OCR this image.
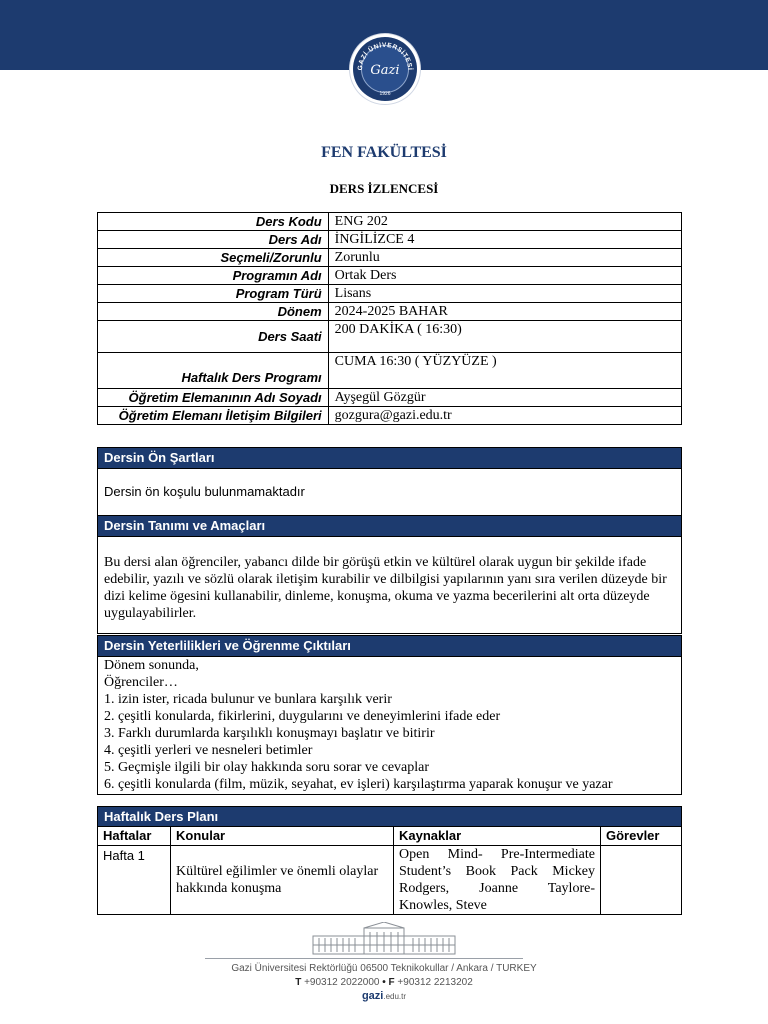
GAZİ ÜNİVERSİTESİ
Gazi
1926
FEN FAKÜLTESİ
DERS İZLENCESİ
Ders Kodu	ENG 202
Ders Adı	İNGİLİZCE 4
Seçmeli/Zorunlu	Zorunlu
Programın Adı	Ortak Ders
Program Türü	Lisans
Dönem	2024-2025 BAHAR
Ders Saati	200 DAKİKA ( 16:30)
Haftalık Ders Programı	CUMA 16:30 ( YÜZYÜZE )
Öğretim Elemanının Adı Soyadı	Ayşegül Gözgür
Öğretim Elemanı İletişim Bilgileri	gozgura@gazi.edu.tr
Dersin Ön Şartları
Dersin ön koşulu bulunmamaktadır
Dersin Tanımı ve Amaçları
Bu dersi alan öğrenciler, yabancı dilde bir görüşü etkin ve kültürel olarak uygun bir şekilde ifade edebilir, yazılı ve sözlü olarak iletişim kurabilir ve dilbilgisi yapılarının yanı sıra verilen düzeyde bir dizi kelime ögesini kullanabilir, dinleme, konuşma, okuma ve yazma becerilerini alt orta düzeyde uygulayabilirler.
Dersin Yeterlilikleri ve Öğrenme Çıktıları
Dönem sonunda,
Öğrenciler…
1. izin ister, ricada bulunur ve bunlara karşılık verir
2. çeşitli konularda, fikirlerini, duygularını ve deneyimlerini ifade eder
3. Farklı durumlarda karşılıklı konuşmayı başlatır ve bitirir
4. çeşitli yerleri ve nesneleri betimler
5. Geçmişle ilgili bir olay hakkında soru sorar ve cevaplar
6. çeşitli konularda (film, müzik, seyahat, ev işleri) karşılaştırma yaparak konuşur ve yazar
Haftalık Ders Planı
Haftalar	Konular	Kaynaklar	Görevler
Hafta 1	Kültürel eğilimler ve önemli olaylar hakkında konuşma	Open Mind- Pre-Intermediate Student’s Book Pack Mickey Rodgers, Joanne Taylore-Knowles, Steve	
Gazi Üniversitesi Rektörlüğü 06500 Teknikokullar / Ankara / TURKEY
T +90312 2022000 • F +90312 2213202
gazi.edu.tr
